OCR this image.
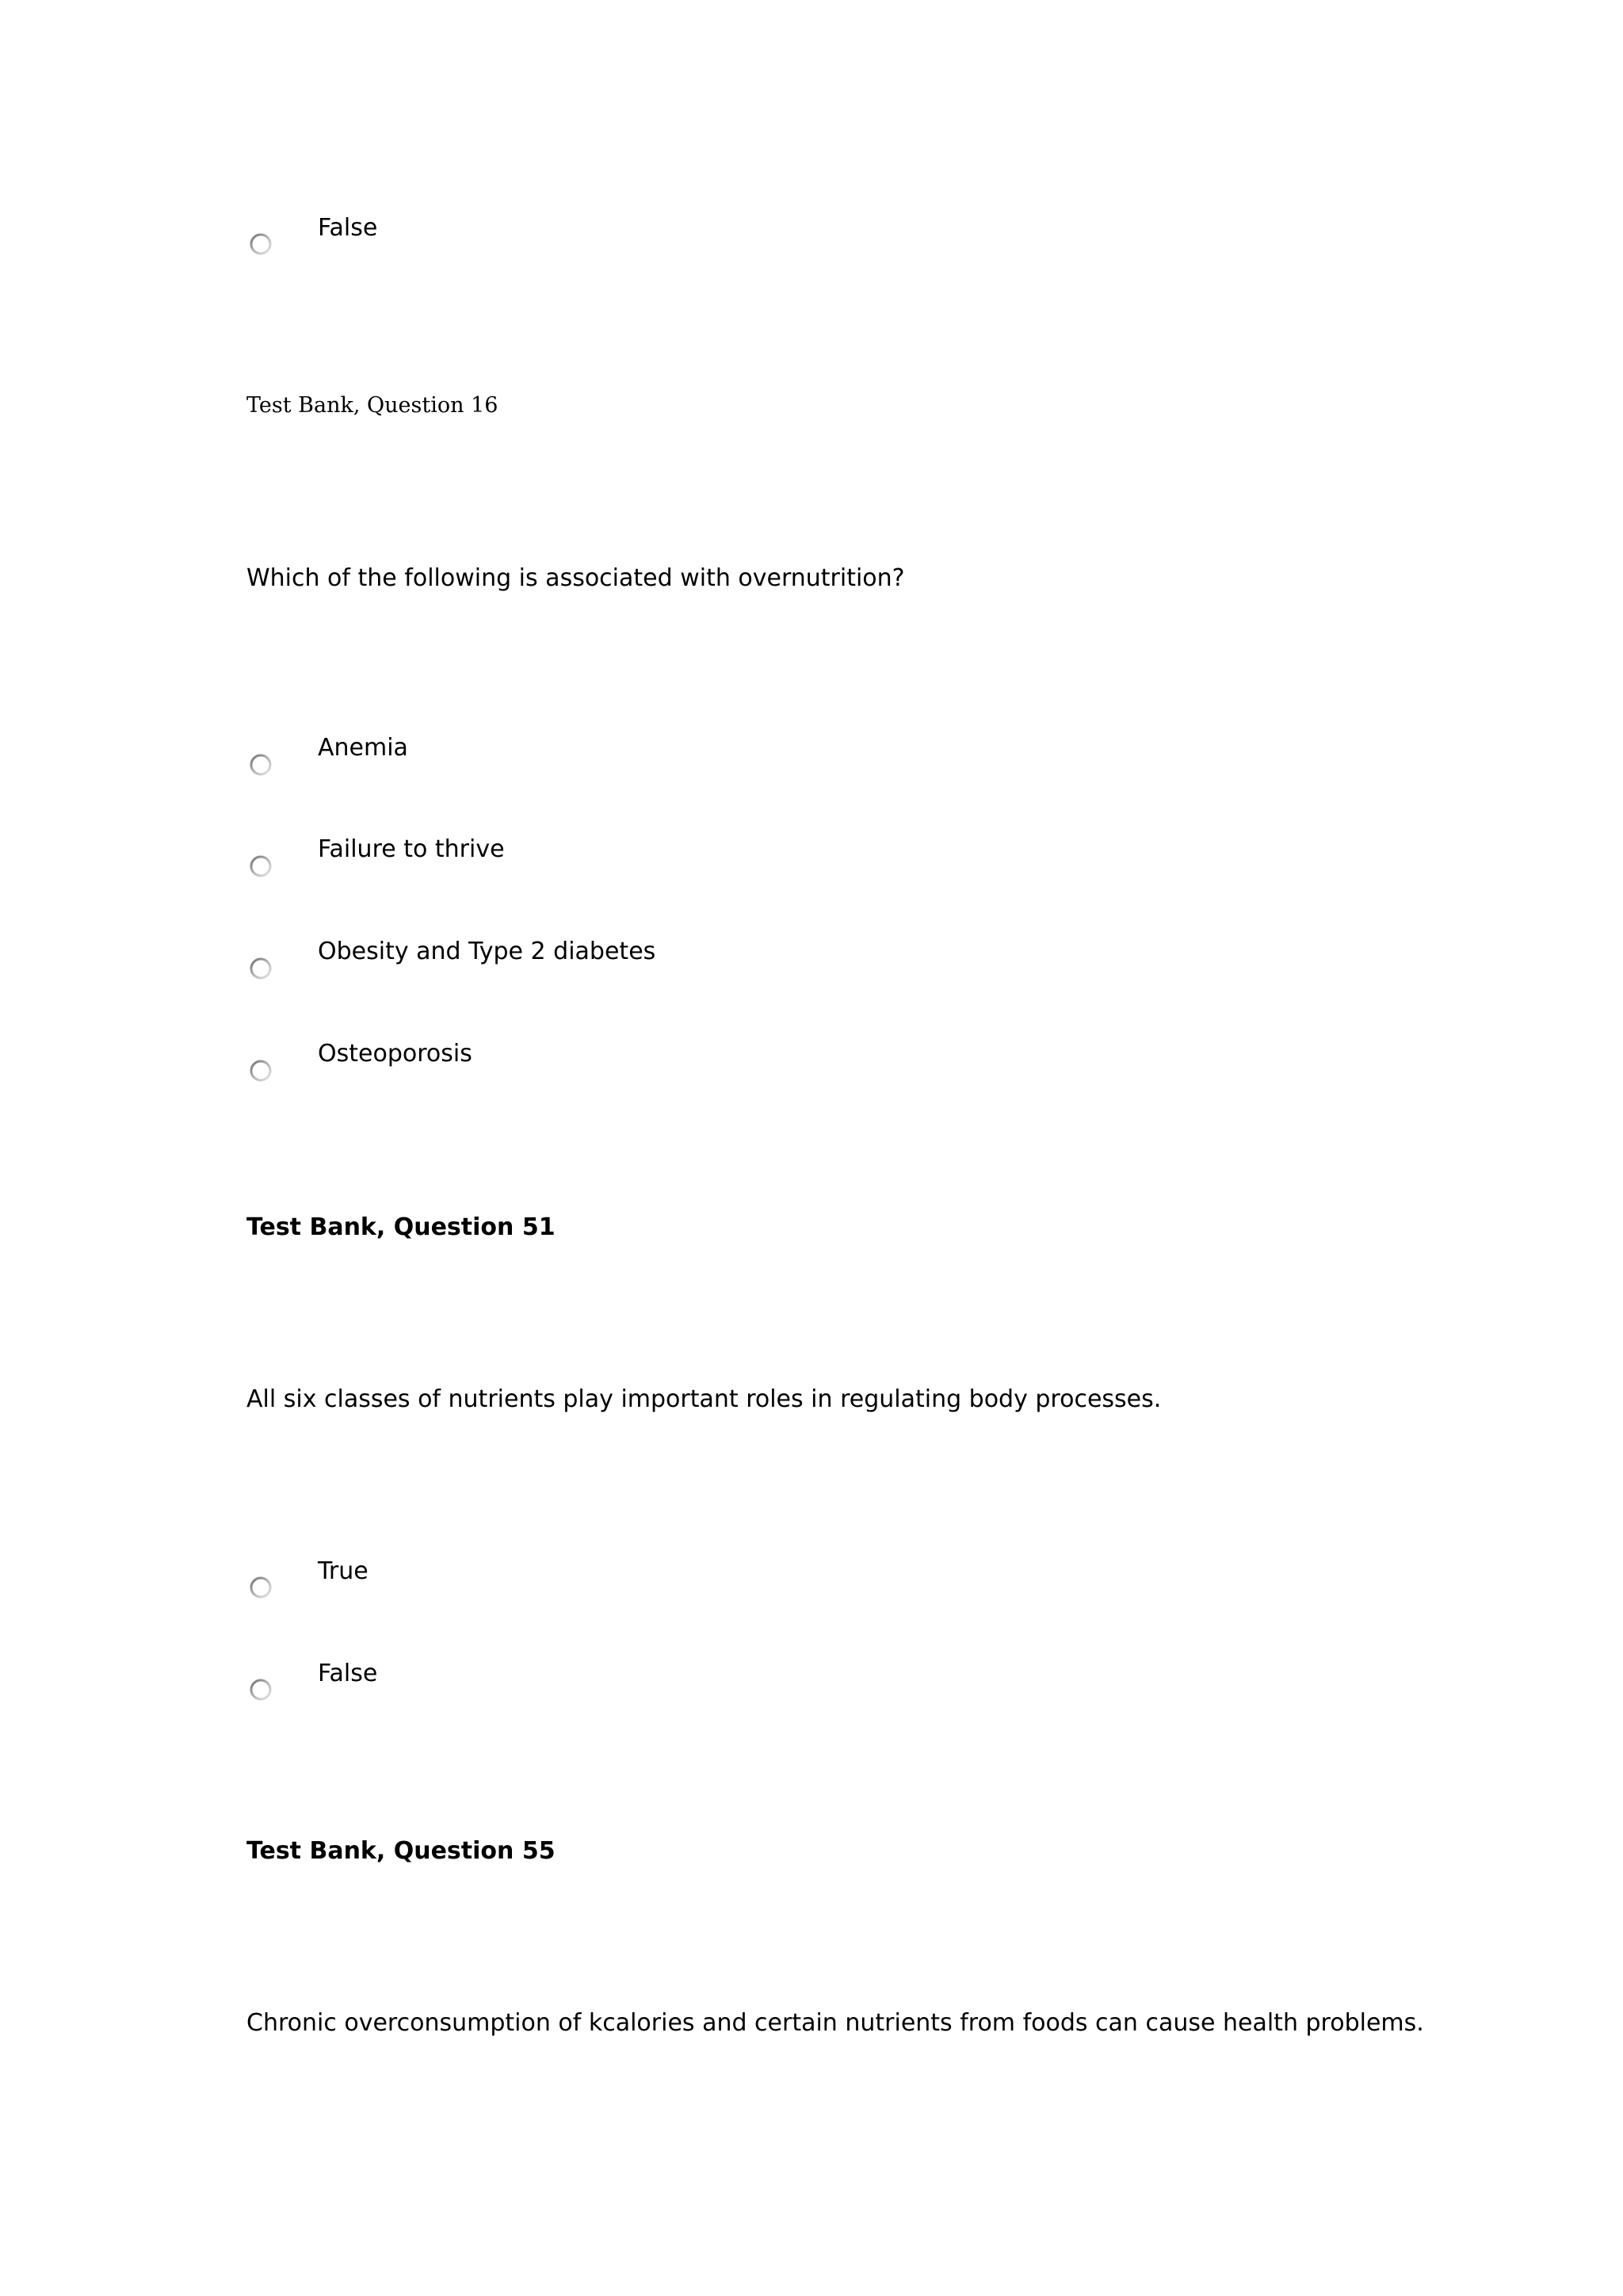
False
Test Bank, Question 16
Which of the following is associated with overnutrition?
Anemia
Failure to thrive
Obesity and Type 2 diabetes
Osteoporosis
Test Bank, Question 51
All six classes of nutrients play important roles in regulating body processes.
True
False
Test Bank, Question 55
Chronic overconsumption of kcalories and certain nutrients from foods can cause health problems.
